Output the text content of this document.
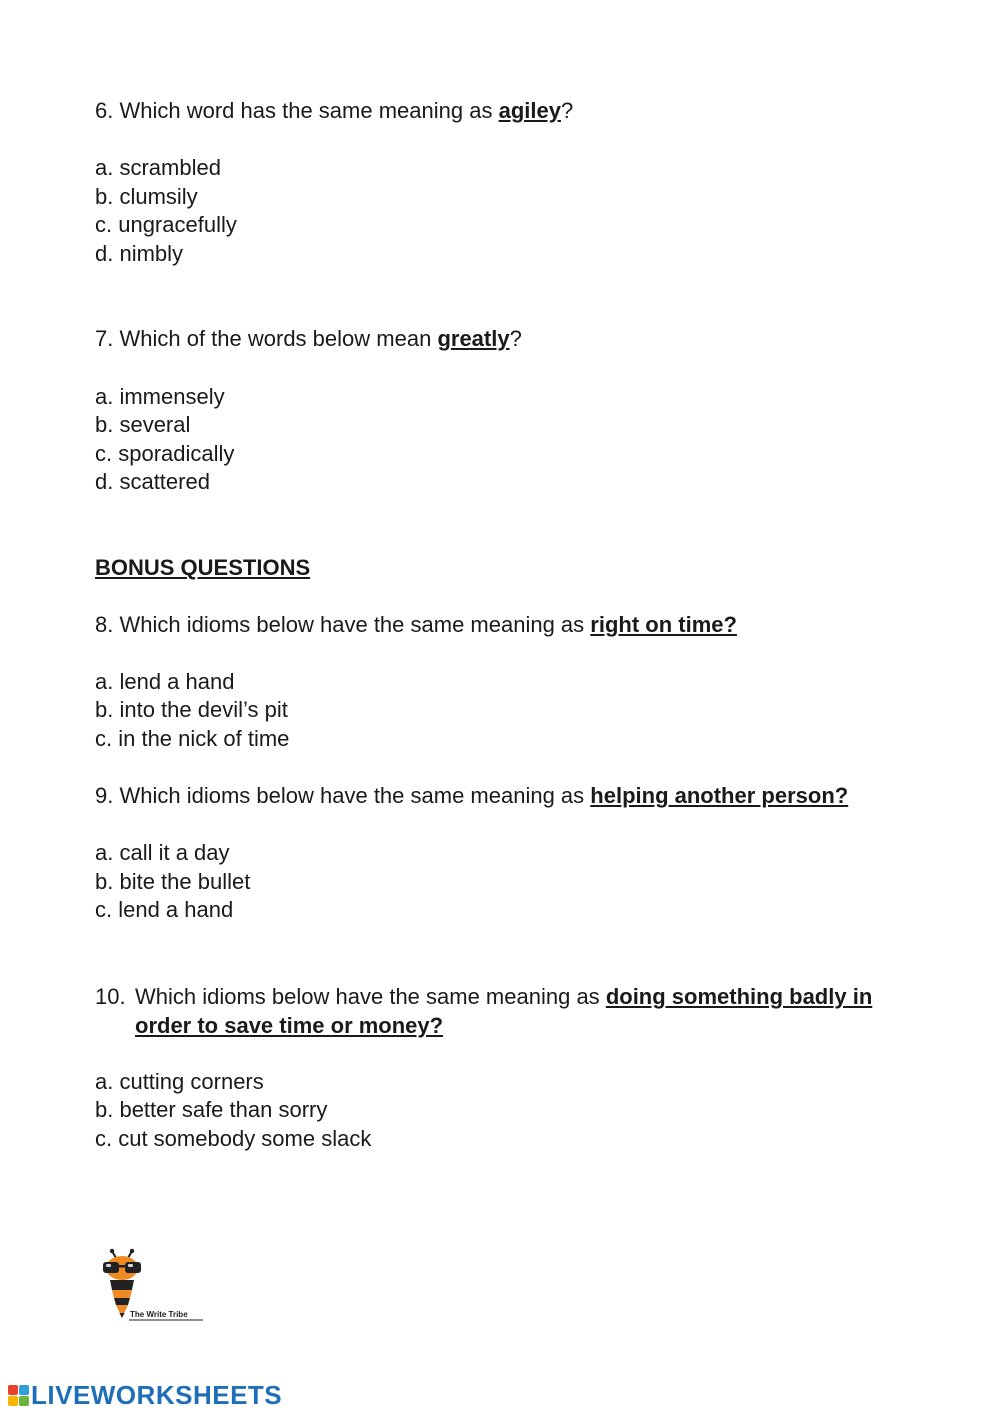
6. Which word has the same meaning as agiley?
a. scrambled
b. clumsily
c. ungracefully
d. nimbly
7. Which of the words below mean greatly?
a. immensely
b. several
c. sporadically
d. scattered
BONUS QUESTIONS
8. Which idioms below have the same meaning as right on time?
a. lend a hand
b. into the devil’s pit
c. in the nick of time
9. Which idioms below have the same meaning as helping another person?
a. call it a day
b. bite the bullet
c. lend a hand
10. Which idioms below have the same meaning as doing something badly in order to save time or money?
a. cutting corners
b. better safe than sorry
c. cut somebody some slack
The Write Tribe
LIVEWORKSHEETS
